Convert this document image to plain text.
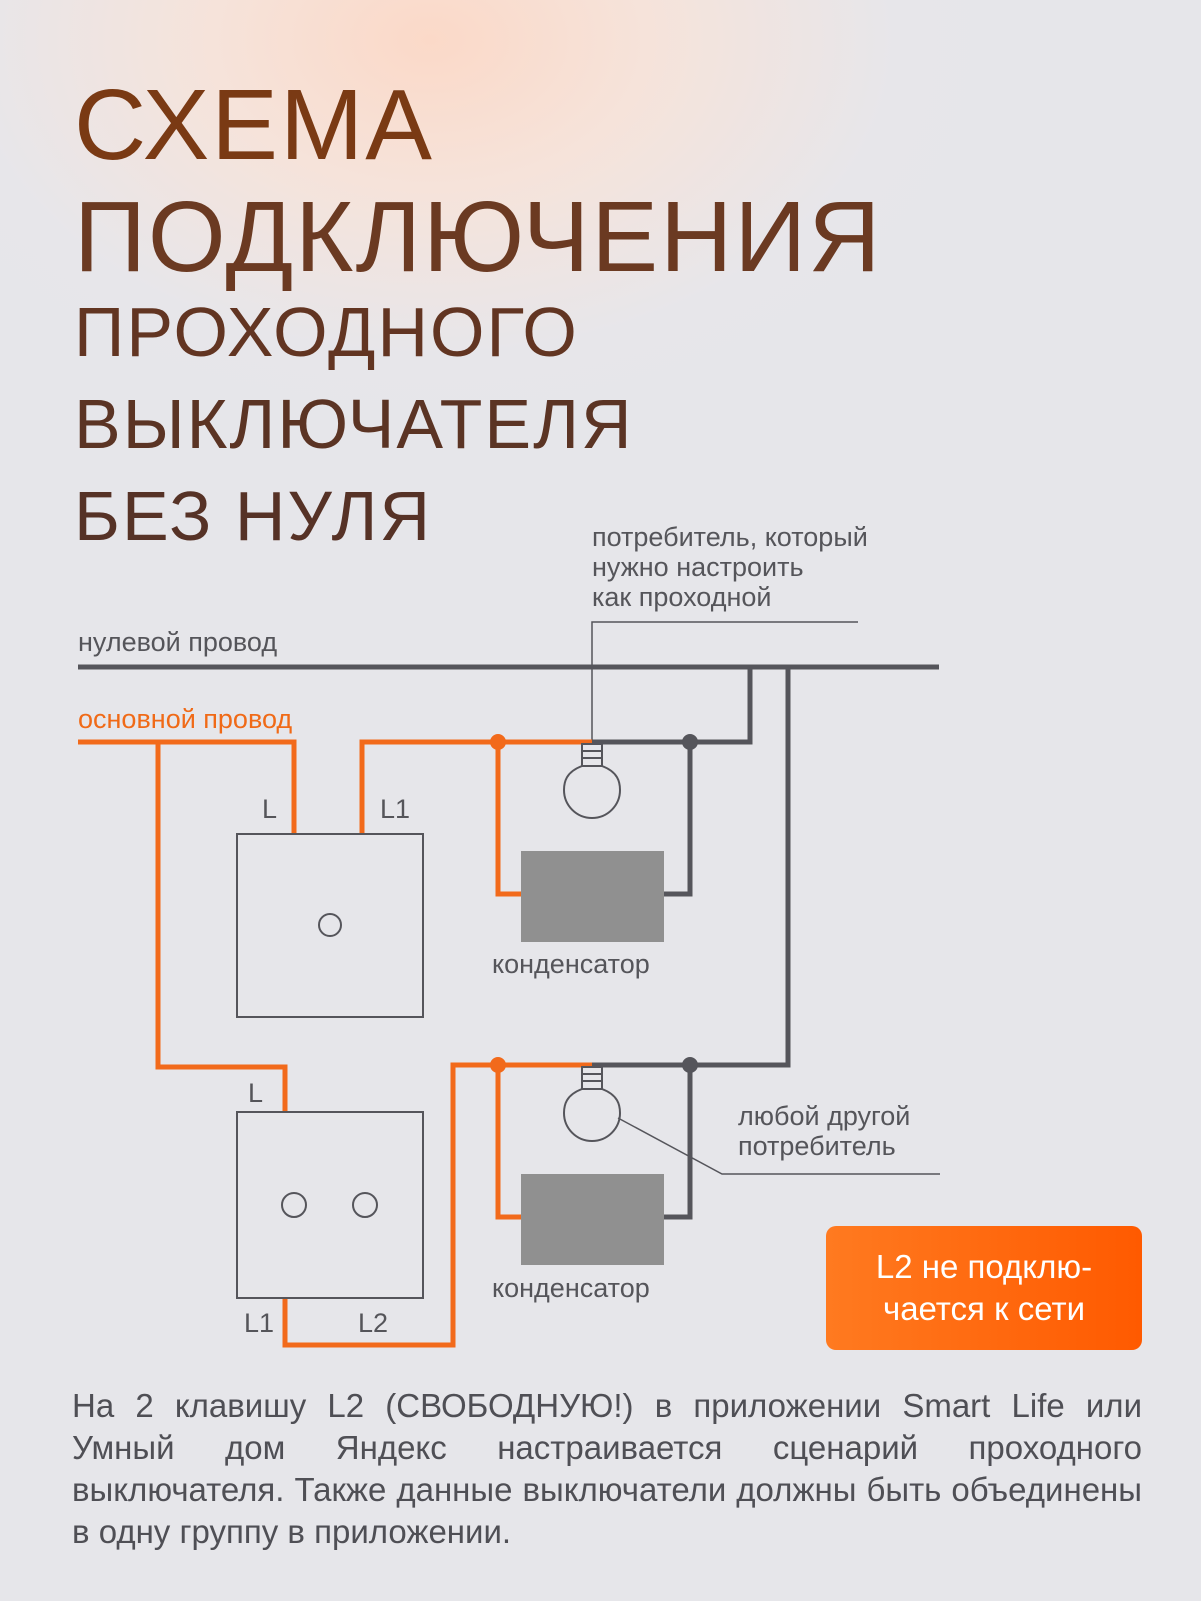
СХЕМА
ПОДКЛЮЧЕНИЯ
ПРОХОДНОГО
ВЫКЛЮЧАТЕЛЯ
БЕЗ НУЛЯ	потребитель, который
нужно настроить
как проходной
нулевой провод
основной провод
конденсатор
конденсатор
L	L1
L
L1	L2
любой другой
потребитель
L2 не подклю-
чается к сети

На 2 клавишу L2 (СВОБОДНУЮ!) в приложении Smart Life или Умный дом Яндекс настраивается сценарий проходного выключателя. Также данные выключатели должны быть объединены в одну группу в приложении.
